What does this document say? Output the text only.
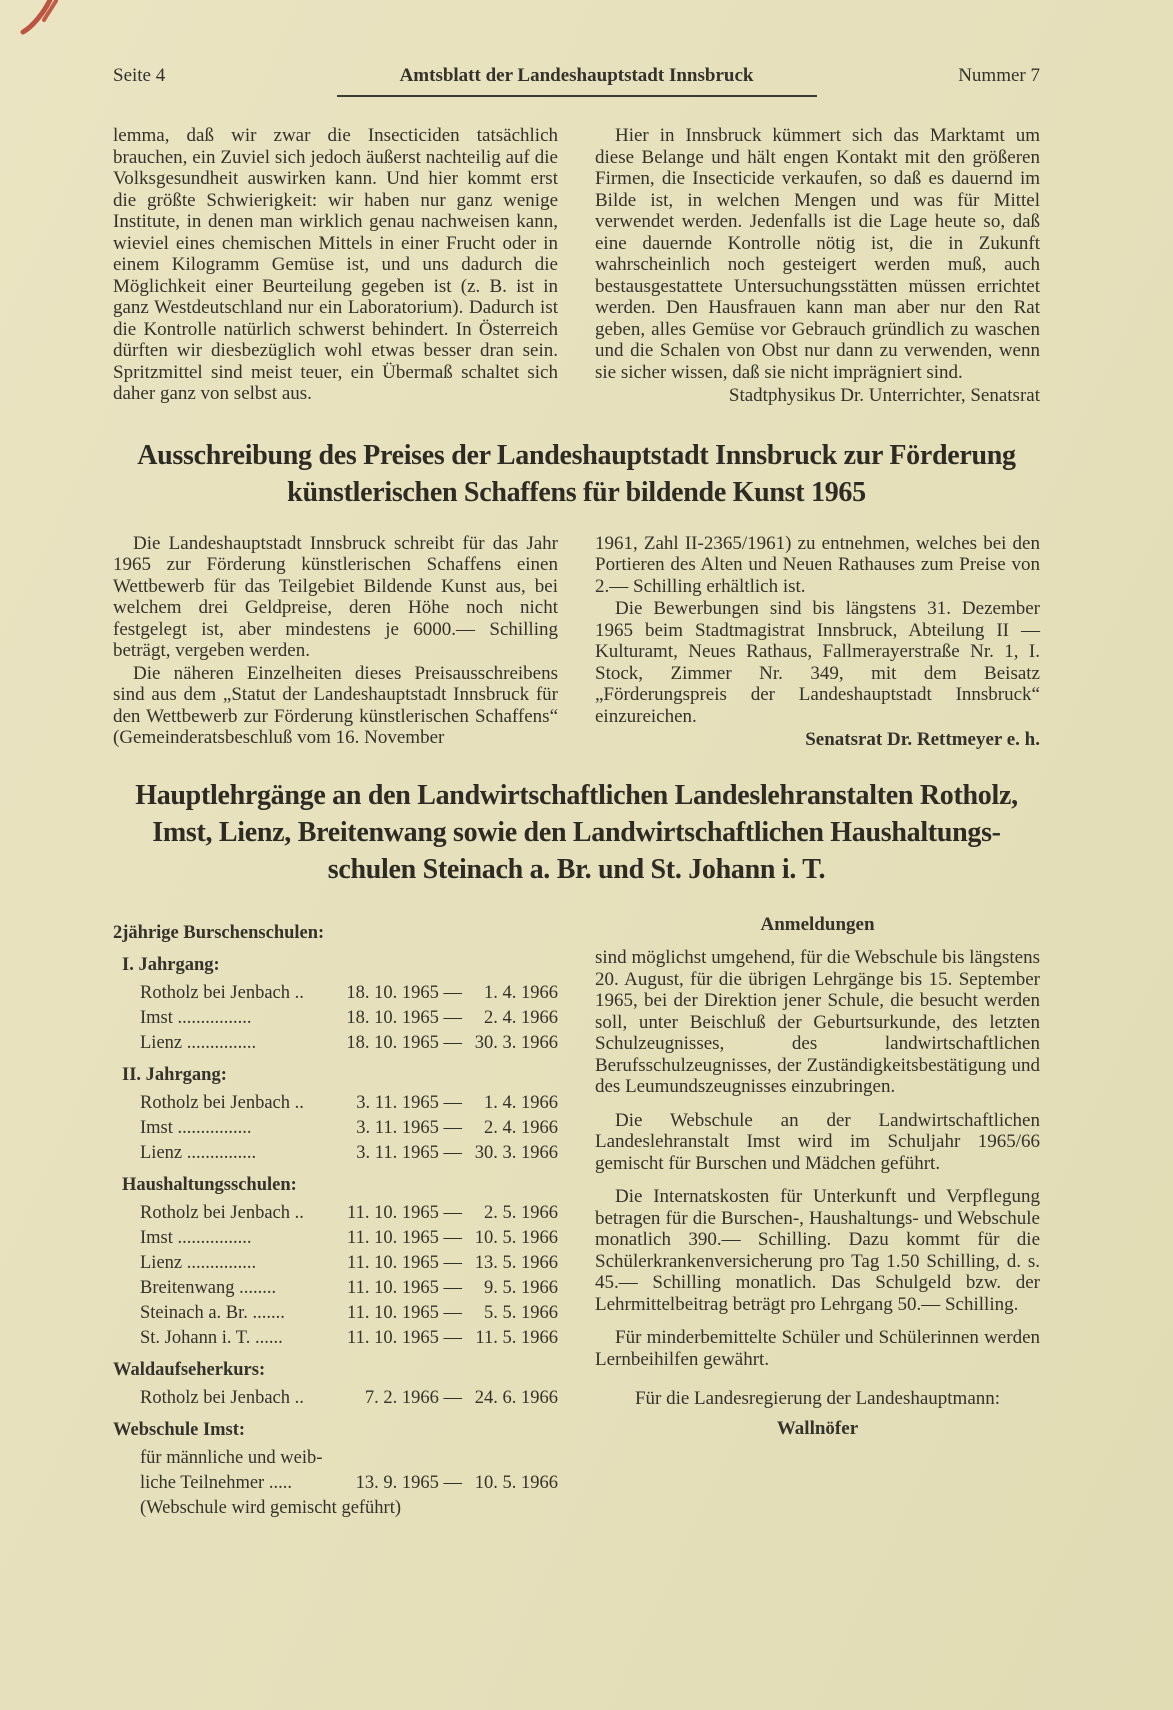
Seite 4	Amtsblatt der Landeshauptstadt Innsbruck	Nummer 7

lemma, daß wir zwar die Insecticiden tatsächlich brauchen, ein Zuviel sich jedoch äußerst nachteilig auf die Volksgesundheit auswirken kann. Und hier kommt erst die größte Schwierigkeit: wir haben nur ganz wenige Institute, in denen man wirklich genau nachweisen kann, wieviel eines chemischen Mittels in einer Frucht oder in einem Kilogramm Gemüse ist, und uns dadurch die Möglichkeit einer Beurteilung gegeben ist (z. B. ist in ganz Westdeutschland nur ein Laboratorium). Dadurch ist die Kontrolle natürlich schwerst behindert. In Österreich dürften wir diesbezüglich wohl etwas besser dran sein. Spritzmittel sind meist teuer, ein Übermaß schaltet sich daher ganz von selbst aus.

Hier in Innsbruck kümmert sich das Marktamt um diese Belange und hält engen Kontakt mit den größeren Firmen, die Insecticide verkaufen, so daß es dauernd im Bilde ist, in welchen Mengen und was für Mittel verwendet werden. Jedenfalls ist die Lage heute so, daß eine dauernde Kontrolle nötig ist, die in Zukunft wahrscheinlich noch gesteigert werden muß, auch bestausgestattete Untersuchungsstätten müssen errichtet werden. Den Hausfrauen kann man aber nur den Rat geben, alles Gemüse vor Gebrauch gründlich zu waschen und die Schalen von Obst nur dann zu verwenden, wenn sie sicher wissen, daß sie nicht imprägniert sind.

Stadtphysikus Dr. Unterrichter, Senatsrat
Ausschreibung des Preises der Landeshauptstadt Innsbruck zur Förderung
künstlerischen Schaffens für bildende Kunst 1965

Die Landeshauptstadt Innsbruck schreibt für das Jahr 1965 zur Förderung künstlerischen Schaffens einen Wettbewerb für das Teilgebiet Bildende Kunst aus, bei welchem drei Geldpreise, deren Höhe noch nicht festgelegt ist, aber mindestens je 6000.— Schilling beträgt, vergeben werden.

Die näheren Einzelheiten dieses Preisausschreibens sind aus dem „Statut der Landeshauptstadt Innsbruck für den Wettbewerb zur Förderung künstlerischen Schaffens“ (Gemeinderatsbeschluß vom 16. November

1961, Zahl II-2365/1961) zu entnehmen, welches bei den Portieren des Alten und Neuen Rathauses zum Preise von 2.— Schilling erhältlich ist.

Die Bewerbungen sind bis längstens 31. Dezember 1965 beim Stadtmagistrat Innsbruck, Abteilung II — Kulturamt, Neues Rathaus, Fallmerayerstraße Nr. 1, I. Stock, Zimmer Nr. 349, mit dem Beisatz „Förderungspreis der Landeshauptstadt Innsbruck“ einzureichen.

Senatsrat Dr. Rettmeyer e. h.
Hauptlehrgänge an den Landwirtschaftlichen Landeslehranstalten Rotholz,
Imst, Lienz, Breitenwang sowie den Landwirtschaftlichen Haushaltungs-
schulen Steinach a. Br. und St. Johann i. T.
2jährige Burschenschulen:
I. Jahrgang:
Rotholz bei Jenbach ..	18. 10. 1965 —	1. 4. 1966
Imst ................	18. 10. 1965 —	2. 4. 1966
Lienz ...............	18. 10. 1965 — 30. 3. 1966
II. Jahrgang:
Rotholz bei Jenbach ..	3. 11. 1965 —	1. 4. 1966
Imst ................	3. 11. 1965 —	2. 4. 1966
Lienz ...............	3. 11. 1965 — 30. 3. 1966
Haushaltungsschulen:
Rotholz bei Jenbach ..	11. 10. 1965 —	2. 5. 1966
Imst ................	11. 10. 1965 — 10. 5. 1966
Lienz ...............	11. 10. 1965 — 13. 5. 1966
Breitenwang ........	11. 10. 1965 —	9. 5. 1966
Steinach a. Br. .......	11. 10. 1965 —	5. 5. 1966
St. Johann i. T. ......	11. 10. 1965 — 11. 5. 1966
Waldaufseherkurs:
Rotholz bei Jenbach ..	7. 2. 1966 — 24. 6. 1966
Webschule Imst:
für männliche und weib-
liche Teilnehmer .....	13. 9. 1965 — 10. 5. 1966
(Webschule wird gemischt geführt)
Anmeldungen

sind möglichst umgehend, für die Webschule bis längstens 20. August, für die übrigen Lehrgänge bis 15. September 1965, bei der Direktion jener Schule, die besucht werden soll, unter Beischluß der Geburtsurkunde, des letzten Schulzeugnisses, des landwirtschaftlichen Berufsschulzeugnisses, der Zuständigkeitsbestätigung und des Leumundszeugnisses einzubringen.

Die Webschule an der Landwirtschaftlichen Landeslehranstalt Imst wird im Schuljahr 1965/66 gemischt für Burschen und Mädchen geführt.

Die Internatskosten für Unterkunft und Verpflegung betragen für die Burschen-, Haushaltungs- und Webschule monatlich 390.— Schilling. Dazu kommt für die Schülerkrankenversicherung pro Tag 1.50 Schilling, d. s. 45.— Schilling monatlich. Das Schulgeld bzw. der Lehrmittelbeitrag beträgt pro Lehrgang 50.— Schilling.

Für minderbemittelte Schüler und Schülerinnen werden Lernbeihilfen gewährt.

Für die Landesregierung der Landeshauptmann:

Wallnöfer
